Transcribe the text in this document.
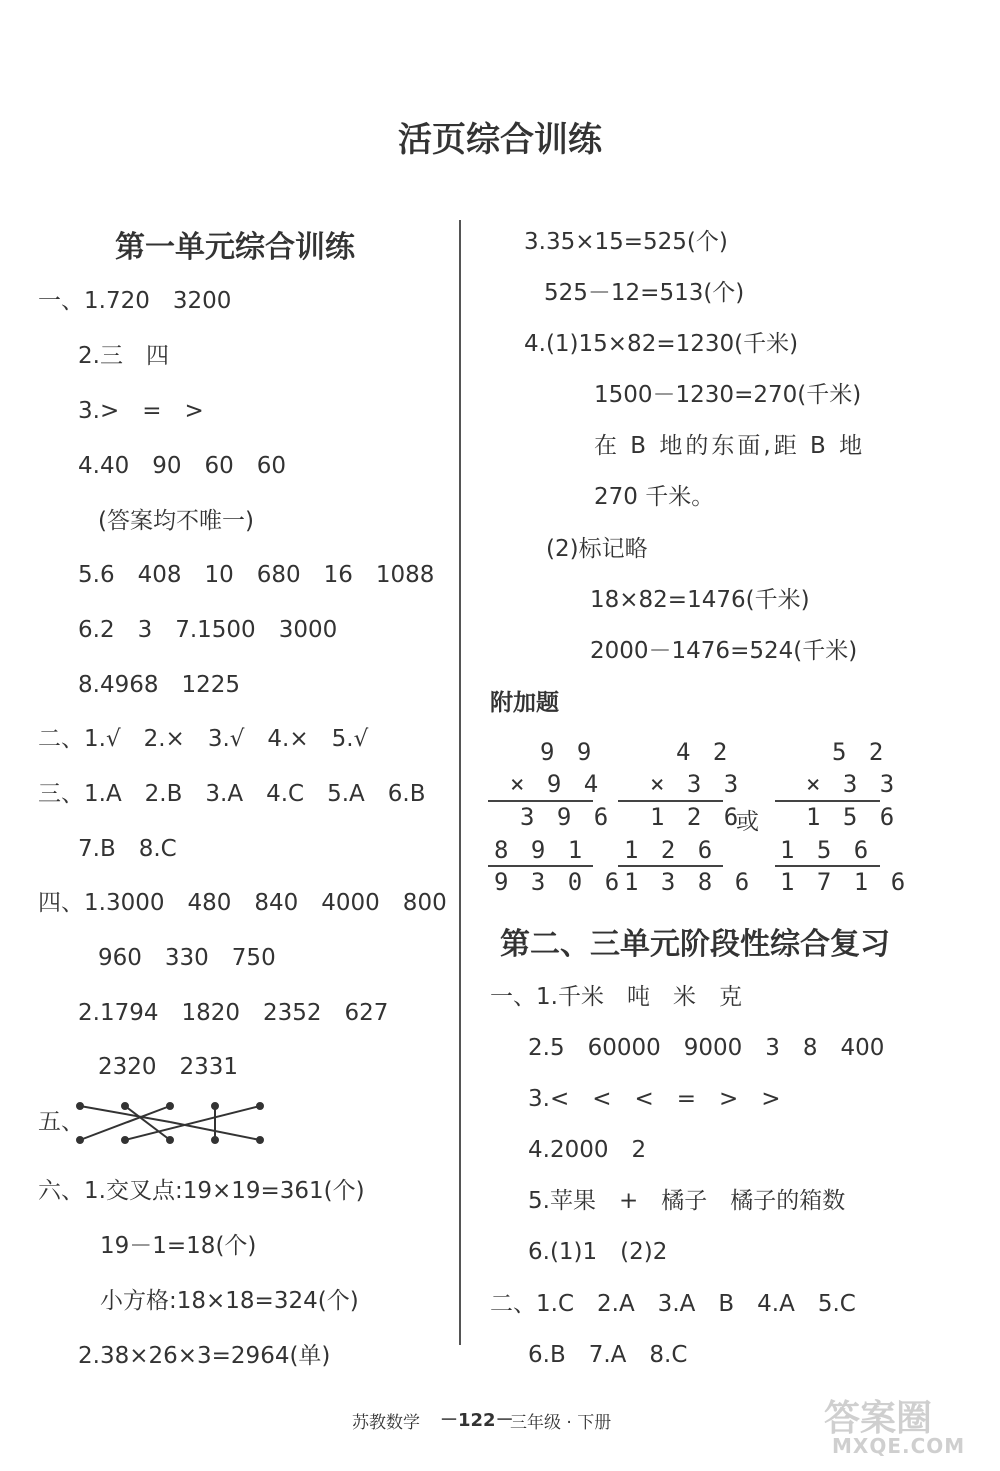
活页综合训练
第一单元综合训练
一、1.720　3200
2.三　四
3.>　=　>
4.40　90　60　60
(答案均不唯一)
5.6　408　10　680　16　1088
6.2　3　7.1500　3000
8.4968　1225
二、1.√　2.×　3.√　4.×　5.√
三、1.A　2.B　3.A　4.C　5.A　6.B
7.B　8.C
四、1.3000　480　840　4000　800
960　330　750
2.1794　1820　2352　627
2320　2331
五、
六、1.交叉点:19×19=361(个)
19－1=18(个)
小方格:18×18=324(个)
2.38×26×3=2964(单)
3.35×15=525(个)
525－12=513(个)
4.(1)15×82=1230(千米)
1500－1230=270(千米)
在 B 地的东面,距 B 地
270 千米。
(2)标记略
18×82=1476(千米)
2000－1476=524(千米)
附加题
9 9
× 9 4
3 9 6
8 9 1
9 3 0 6
4 2
× 3 3
1 2 6
1 2 6
1 3 8 6
或
5 2
× 3 3
1 5 6
1 5 6
1 7 1 6
第二、三单元阶段性综合复习
一、1.千米　吨　米　克
2.5　60000　9000　3　8　400
3.<　<　<　=　>　>
4.2000　2
5.苹果　+　橘子　橘子的箱数
6.(1)1　(2)2
二、1.C　2.A　3.A　B　4.A　5.C
6.B　7.A　8.C
苏教数学 －122－
三年级 · 下册	答案圈
MXQE.COM
